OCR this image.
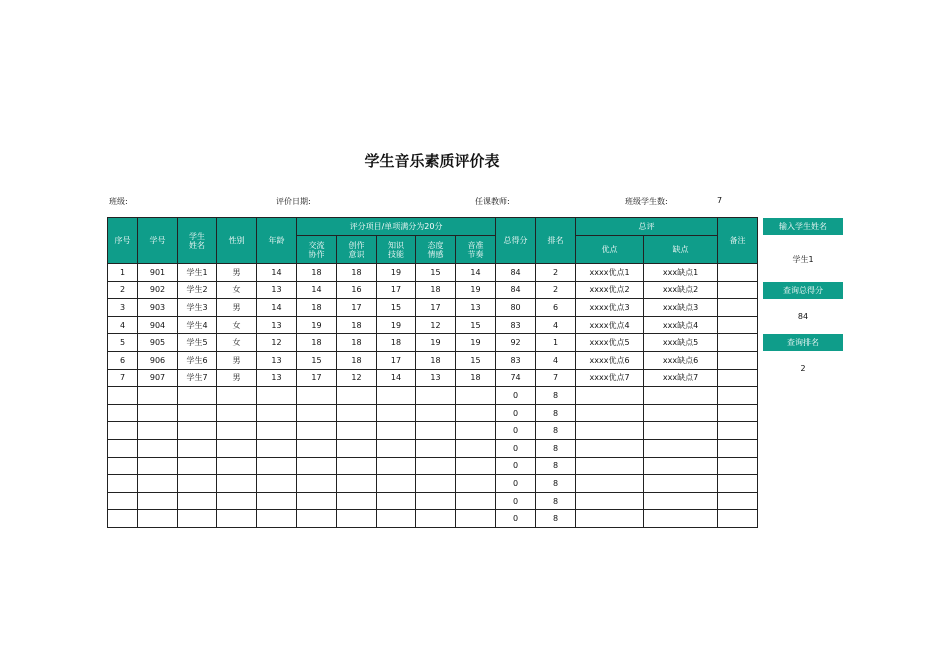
学生音乐素质评价表
班级:	评价日期:	任课教师:	班级学生数:	7
序号	学号	学生姓名	性别	年龄	评分项目/单项满分为20分					总得分	排名	总评		备注
					交流协作	创作意识	知识技能	态度情感	音准节奏			优点	缺点	
1	901	学生1	男	14	18	18	19	15	14	84	2	xxxx优点1	xxx缺点1	
2	902	学生2	女	13	14	16	17	18	19	84	2	xxxx优点2	xxx缺点2	
3	903	学生3	男	14	18	17	15	17	13	80	6	xxxx优点3	xxx缺点3	
4	904	学生4	女	13	19	18	19	12	15	83	4	xxxx优点4	xxx缺点4	
5	905	学生5	女	12	18	18	18	19	19	92	1	xxxx优点5	xxx缺点5	
6	906	学生6	男	13	15	18	17	18	15	83	4	xxxx优点6	xxx缺点6	
7	907	学生7	男	13	17	12	14	13	18	74	7	xxxx优点7	xxx缺点7	
										0	8			
										0	8			
										0	8			
										0	8			
										0	8			
										0	8			
										0	8			
										0	8			
输入学生姓名
学生1
查询总得分
84
查询排名
2
